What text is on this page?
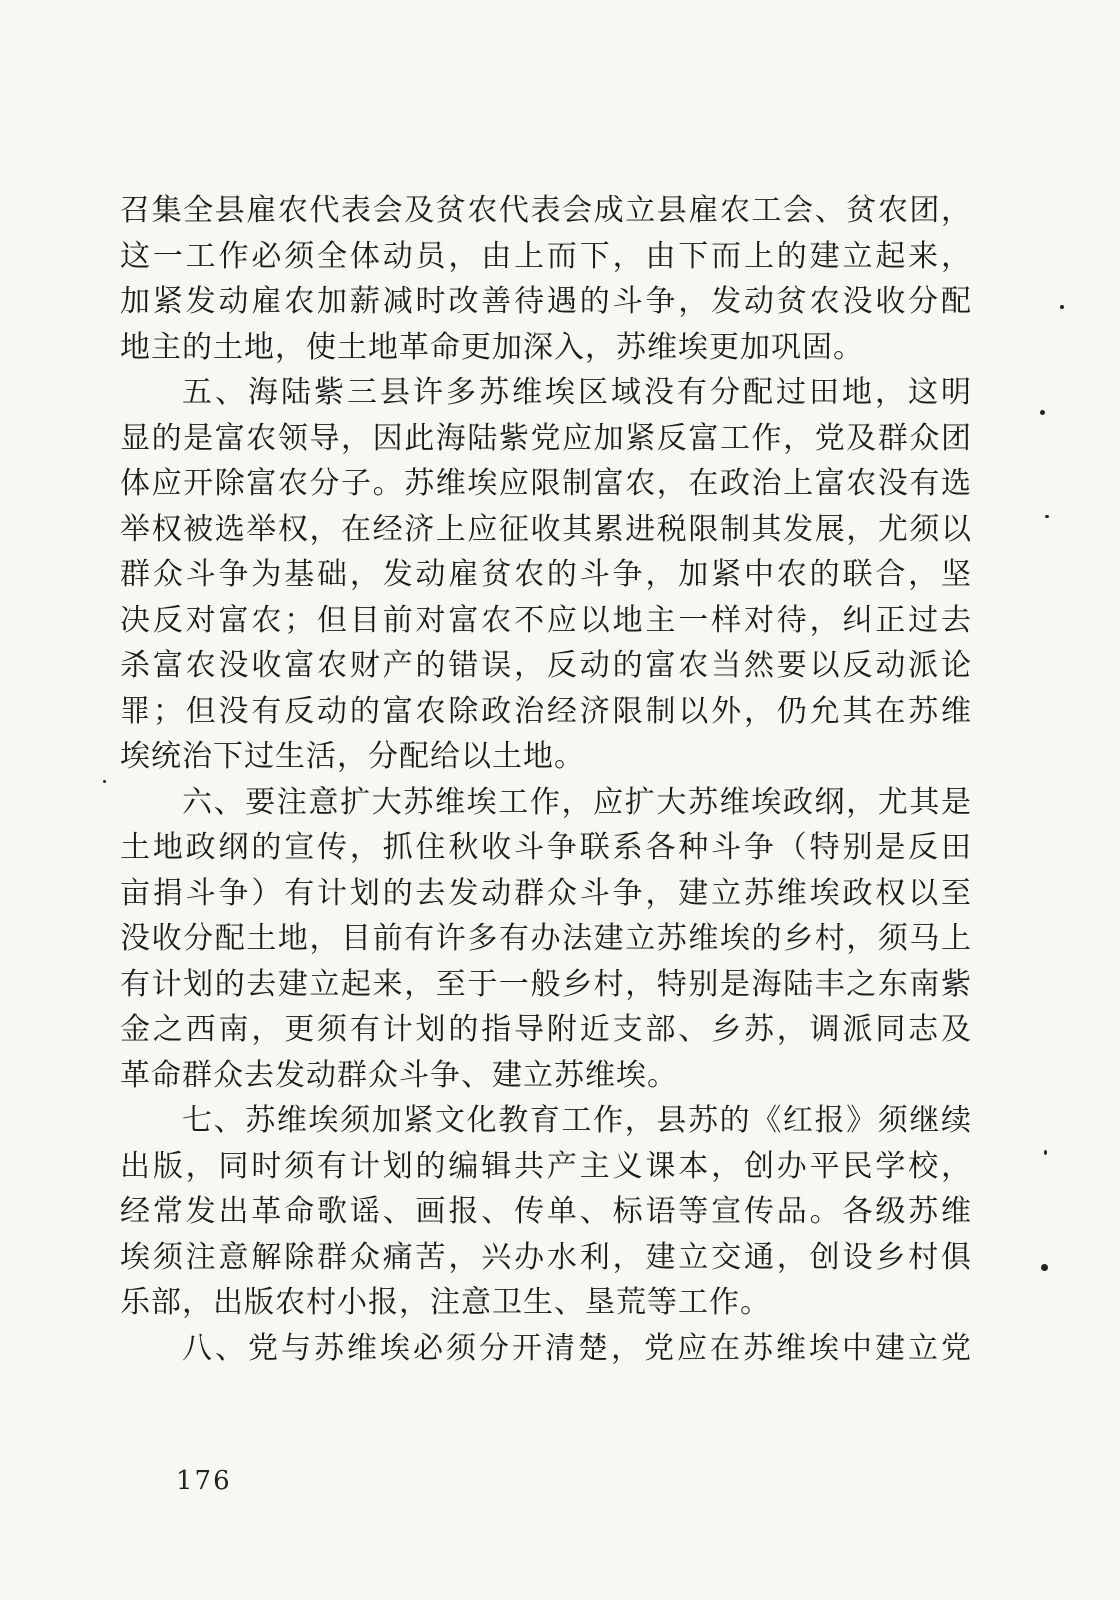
召集全县雇农代表会及贫农代表会成立县雇农工会、贫农团，
这一工作必须全体动员，由上而下，由下而上的建立起来，
加紧发动雇农加薪减时改善待遇的斗争，发动贫农没收分配
地主的土地，使土地革命更加深入，苏维埃更加巩固。
五、海陆紫三县许多苏维埃区域没有分配过田地，这明
显的是富农领导，因此海陆紫党应加紧反富工作，党及群众团
体应开除富农分子。苏维埃应限制富农，在政治上富农没有选
举权被选举权，在经济上应征收其累进税限制其发展，尤须以
群众斗争为基础，发动雇贫农的斗争，加紧中农的联合，坚
决反对富农；但目前对富农不应以地主一样对待，纠正过去
杀富农没收富农财产的错误，反动的富农当然要以反动派论
罪；但没有反动的富农除政治经济限制以外，仍允其在苏维
埃统治下过生活，分配给以土地。
六、要注意扩大苏维埃工作，应扩大苏维埃政纲，尤其是
土地政纲的宣传，抓住秋收斗争联系各种斗争（特别是反田
亩捐斗争）有计划的去发动群众斗争，建立苏维埃政权以至
没收分配土地，目前有许多有办法建立苏维埃的乡村，须马上
有计划的去建立起来，至于一般乡村，特别是海陆丰之东南紫
金之西南，更须有计划的指导附近支部、乡苏，调派同志及
革命群众去发动群众斗争、建立苏维埃。
七、苏维埃须加紧文化教育工作，县苏的《红报》须继续
出版，同时须有计划的编辑共产主义课本，创办平民学校，
经常发出革命歌谣、画报、传单、标语等宣传品。各级苏维
埃须注意解除群众痛苦，兴办水利，建立交通，创设乡村俱
乐部，出版农村小报，注意卫生、垦荒等工作。
八、党与苏维埃必须分开清楚，党应在苏维埃中建立党
176
